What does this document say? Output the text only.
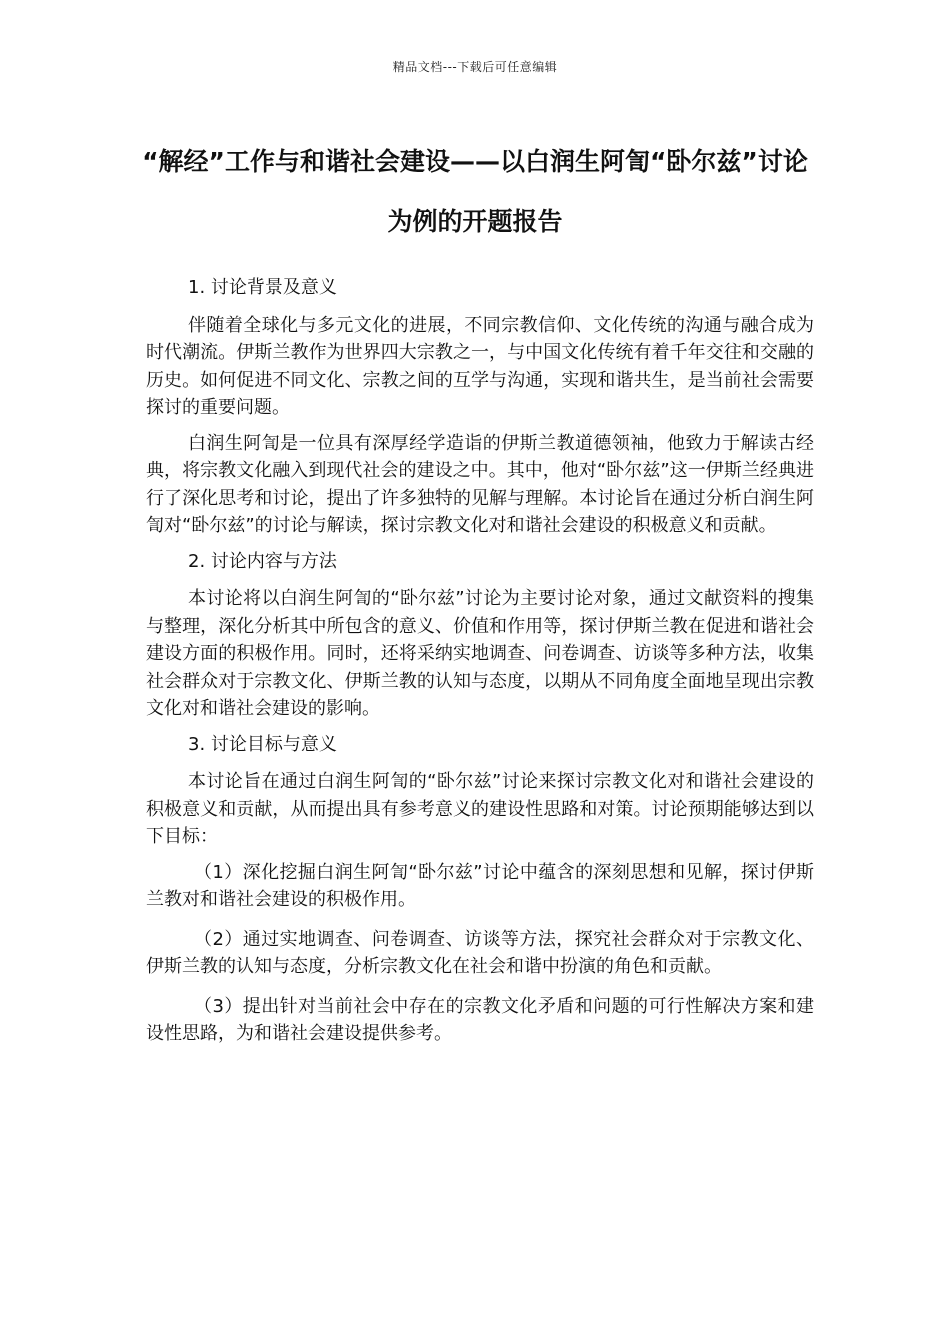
精品文档---下载后可任意编辑
“解经”工作与和谐社会建设——以白润生阿訇“卧尔兹”讨论为例的开题报告

1. 讨论背景及意义

伴随着全球化与多元文化的进展，不同宗教信仰、文化传统的沟通与融合成为时代潮流。伊斯兰教作为世界四大宗教之一，与中国文化传统有着千年交往和交融的历史。如何促进不同文化、宗教之间的互学与沟通，实现和谐共生，是当前社会需要探讨的重要问题。

白润生阿訇是一位具有深厚经学造诣的伊斯兰教道德领袖，他致力于解读古经典，将宗教文化融入到现代社会的建设之中。其中，他对“卧尔兹”这一伊斯兰经典进行了深化思考和讨论，提出了许多独特的见解与理解。本讨论旨在通过分析白润生阿訇对“卧尔兹”的讨论与解读，探讨宗教文化对和谐社会建设的积极意义和贡献。

2. 讨论内容与方法

本讨论将以白润生阿訇的“卧尔兹”讨论为主要讨论对象，通过文献资料的搜集与整理，深化分析其中所包含的意义、价值和作用等，探讨伊斯兰教在促进和谐社会建设方面的积极作用。同时，还将采纳实地调查、问卷调查、访谈等多种方法，收集社会群众对于宗教文化、伊斯兰教的认知与态度，以期从不同角度全面地呈现出宗教文化对和谐社会建设的影响。

3. 讨论目标与意义

本讨论旨在通过白润生阿訇的“卧尔兹”讨论来探讨宗教文化对和谐社会建设的积极意义和贡献，从而提出具有参考意义的建设性思路和对策。讨论预期能够达到以下目标：

（1）深化挖掘白润生阿訇“卧尔兹”讨论中蕴含的深刻思想和见解，探讨伊斯兰教对和谐社会建设的积极作用。

（2）通过实地调查、问卷调查、访谈等方法，探究社会群众对于宗教文化、伊斯兰教的认知与态度，分析宗教文化在社会和谐中扮演的角色和贡献。

（3）提出针对当前社会中存在的宗教文化矛盾和问题的可行性解决方案和建设性思路，为和谐社会建设提供参考。
